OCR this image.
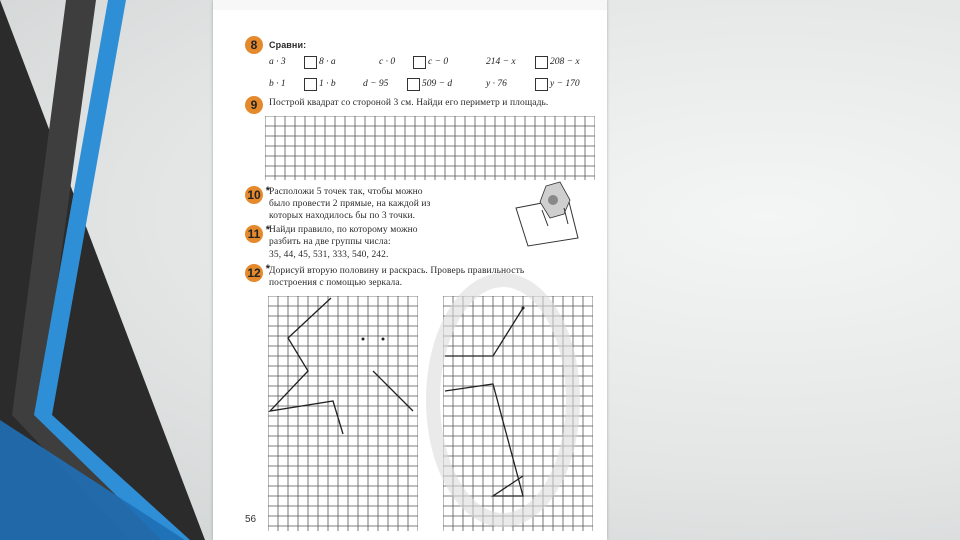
8	Сравни:
a · 3	8 · a	c · 0	c − 0	214 − x	208 − x
b · 1	1 · b	d − 95	509 − d	y · 76	y − 170
9	Построй квадрат со стороной 3 см. Найди его периметр и площадь.
10 * Расположи 5 точек так, чтобы можно
было провести 2 прямые, на каждой из
которых находилось бы по 3 точки.
11 * Найди правило, по которому можно
разбить на две группы числа:
35, 44, 45, 531, 333, 540, 242.
12 * Дорисуй вторую половину и раскрась. Проверь правильность
построения с помощью зеркала.
56
